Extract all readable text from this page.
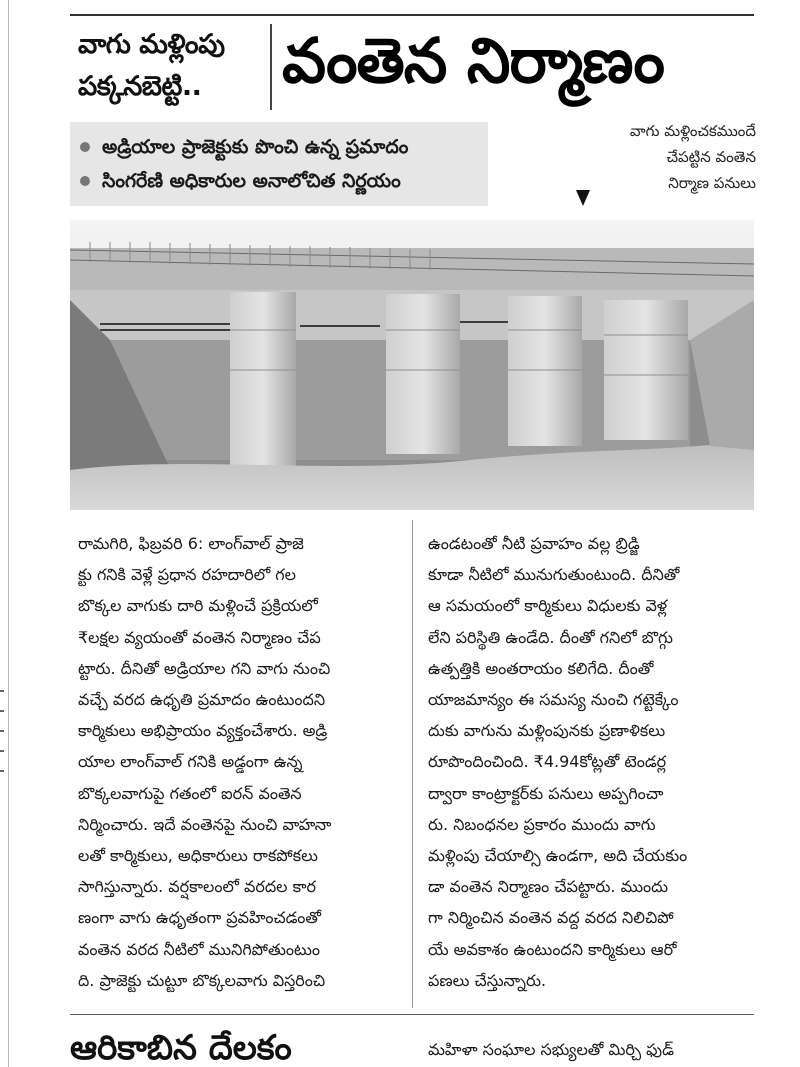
వాగు మళ్లింపు
పక్కనబెట్టి..	వంతెన నిర్మాణం
అడ్రియాల ప్రాజెక్టుకు పొంచి ఉన్న ప్రమాదం
సింగరేణి అధికారుల అనాలోచిత నిర్ణయం
వాగు మళ్లించకముందే
చేపట్టిన వంతెన
నిర్మాణ పనులు
రామగిరి, ఫిబ్రవరి 6: లాంగ్‌వాల్ ప్రాజె
క్టు గనికి వెళ్లే ప్రధాన రహదారిలో గల
బొక్కల వాగుకు దారి మళ్లించే ప్రక్రియలో
₹లక్షల వ్యయంతో వంతెన నిర్మాణం చేప
ట్టారు. దీనితో అడ్రియాల గని వాగు నుంచి
వచ్చే వరద ఉధృతి ప్రమాదం ఉంటుందని
కార్మికులు అభిప్రాయం వ్యక్తంచేశారు. అడ్రి
యాల లాంగ్‌వాల్ గనికి అడ్డంగా ఉన్న
బొక్కలవాగుపై గతంలో ఐరన్ వంతెన
నిర్మించారు. ఇదే వంతెనపై నుంచి వాహనా
లతో కార్మికులు, అధికారులు రాకపోకలు
సాగిస్తున్నారు. వర్షకాలంలో వరదల కార
ణంగా వాగు ఉధృతంగా ప్రవహించడంతో
వంతెన వరద నీటిలో మునిగిపోతుంటుం
ది. ప్రాజెక్టు చుట్టూ బొక్కలవాగు విస్తరించి
ఉండటంతో నీటి ప్రవాహం వల్ల బ్రిడ్జి
కూడా నీటిలో మునుగుతుంటుంది. దీనితో
ఆ సమయంలో కార్మికులు విధులకు వెళ్ల
లేని పరిస్థితి ఉండేది. దీంతో గనిలో బొగ్గు
ఉత్పత్తికి అంతరాయం కలిగేది. దీంతో
యాజమాన్యం ఈ సమస్య నుంచి గట్టెక్కేం
దుకు వాగును మళ్లింపునకు ప్రణాళికలు
రూపొందించింది. ₹4.94కోట్లతో టెండర్ల
ద్వారా కాంట్రాక్టర్‌కు పనులు అప్పగించా
రు. నిబంధనల ప్రకారం ముందు వాగు
మళ్లింపు చేయాల్సి ఉండగా, అది చేయకుం
డా వంతెన నిర్మాణం చేపట్టారు. ముందు
గా నిర్మించిన వంతెన వద్ద వరద నిలిచిపో
యే అవకాశం ఉంటుందని కార్మికులు ఆరో
పణలు చేస్తున్నారు.
ఆరికాబిన దేలకం	మహిళా సంఘాల సభ్యులతో మిర్చి ఫుడ్
